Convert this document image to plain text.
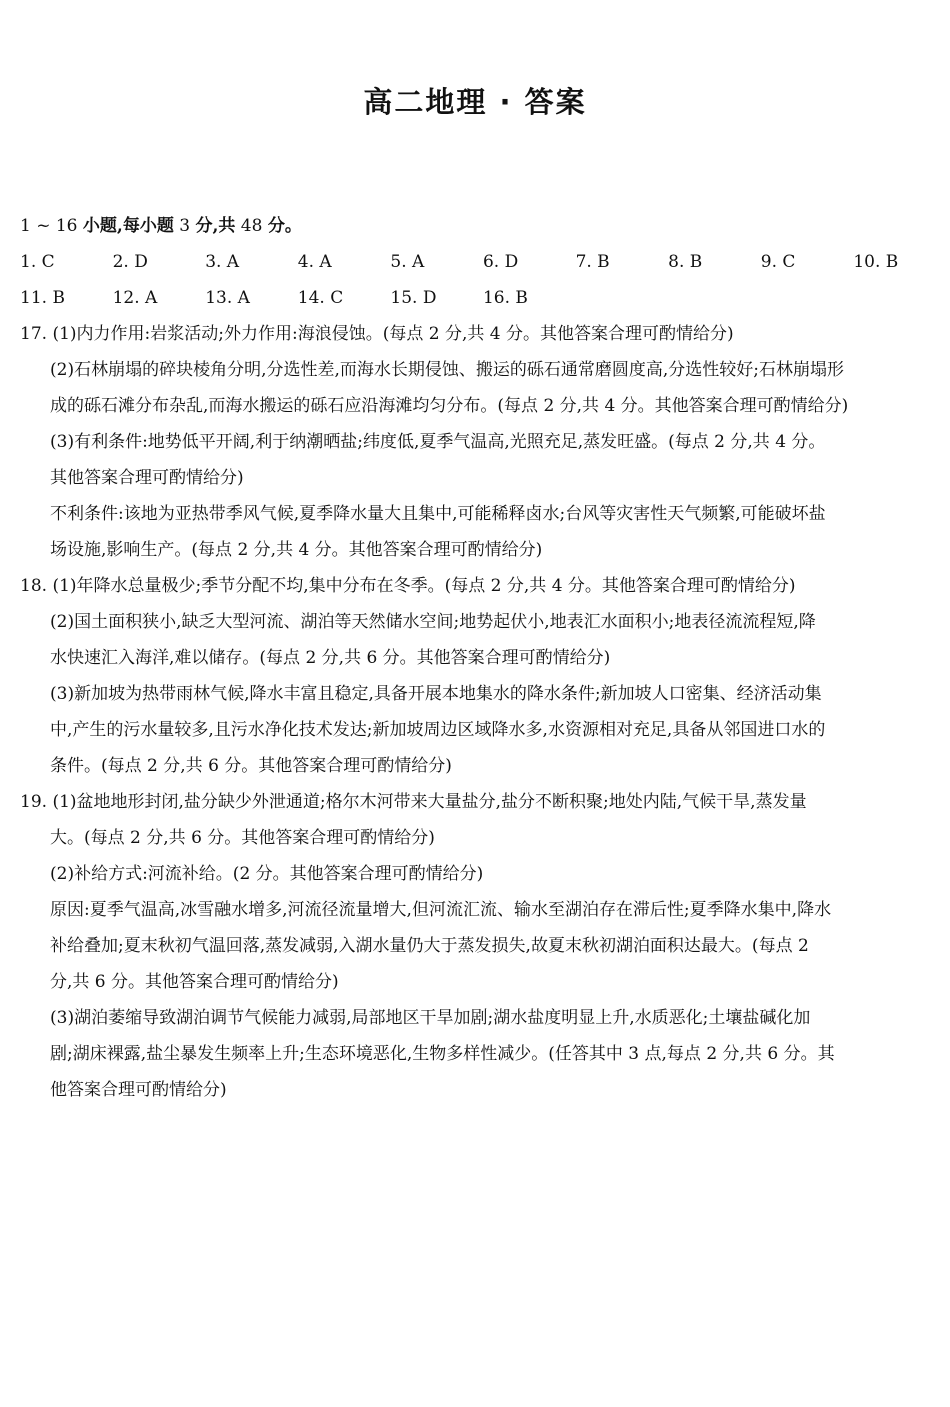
高二地理 · 答案
1 ~ 16 小题,每小题 3 分,共 48 分。
1. C	2. D	3. A	4. A	5. A	6. D	7. B	8. B	9. C	10. B
11. B	12. A	13. A	14. C	15. D	16. B
17. (1)内力作用:岩浆活动;外力作用:海浪侵蚀。(每点 2 分,共 4 分。其他答案合理可酌情给分)
(2)石林崩塌的碎块棱角分明,分选性差,而海水长期侵蚀、搬运的砾石通常磨圆度高,分选性较好;石林崩塌形
成的砾石滩分布杂乱,而海水搬运的砾石应沿海滩均匀分布。(每点 2 分,共 4 分。其他答案合理可酌情给分)
(3)有利条件:地势低平开阔,利于纳潮晒盐;纬度低,夏季气温高,光照充足,蒸发旺盛。(每点 2 分,共 4 分。
其他答案合理可酌情给分)
不利条件:该地为亚热带季风气候,夏季降水量大且集中,可能稀释卤水;台风等灾害性天气频繁,可能破坏盐
场设施,影响生产。(每点 2 分,共 4 分。其他答案合理可酌情给分)
18. (1)年降水总量极少;季节分配不均,集中分布在冬季。(每点 2 分,共 4 分。其他答案合理可酌情给分)
(2)国土面积狭小,缺乏大型河流、湖泊等天然储水空间;地势起伏小,地表汇水面积小;地表径流流程短,降
水快速汇入海洋,难以储存。(每点 2 分,共 6 分。其他答案合理可酌情给分)
(3)新加坡为热带雨林气候,降水丰富且稳定,具备开展本地集水的降水条件;新加坡人口密集、经济活动集
中,产生的污水量较多,且污水净化技术发达;新加坡周边区域降水多,水资源相对充足,具备从邻国进口水的
条件。(每点 2 分,共 6 分。其他答案合理可酌情给分)
19. (1)盆地地形封闭,盐分缺少外泄通道;格尔木河带来大量盐分,盐分不断积聚;地处内陆,气候干旱,蒸发量
大。(每点 2 分,共 6 分。其他答案合理可酌情给分)
(2)补给方式:河流补给。(2 分。其他答案合理可酌情给分)
原因:夏季气温高,冰雪融水增多,河流径流量增大,但河流汇流、输水至湖泊存在滞后性;夏季降水集中,降水
补给叠加;夏末秋初气温回落,蒸发减弱,入湖水量仍大于蒸发损失,故夏末秋初湖泊面积达最大。(每点 2
分,共 6 分。其他答案合理可酌情给分)
(3)湖泊萎缩导致湖泊调节气候能力减弱,局部地区干旱加剧;湖水盐度明显上升,水质恶化;土壤盐碱化加
剧;湖床裸露,盐尘暴发生频率上升;生态环境恶化,生物多样性减少。(任答其中 3 点,每点 2 分,共 6 分。其
他答案合理可酌情给分)
